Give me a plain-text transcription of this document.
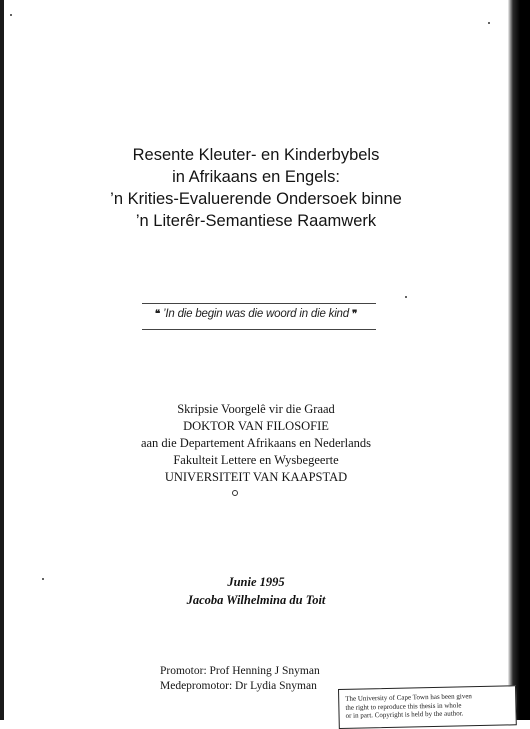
Resente Kleuter- en Kinderbybels
in Afrikaans en Engels:
’n Krities-Evaluerende Ondersoek binne
’n Literêr-Semantiese Raamwerk
❝ ’In die begin was die woord in die kind ❞
Skripsie Voorgelê vir die Graad
DOKTOR VAN FILOSOFIE
aan die Departement Afrikaans en Nederlands
Fakulteit Lettere en Wysbegeerte
UNIVERSITEIT VAN KAAPSTAD
Junie 1995
Jacoba Wilhelmina du Toit
Promotor: Prof Henning J Snyman
Medepromotor: Dr Lydia Snyman
The University of Cape Town has been given
the right to reproduce this thesis in whole
or in part. Copyright is held by the author.
